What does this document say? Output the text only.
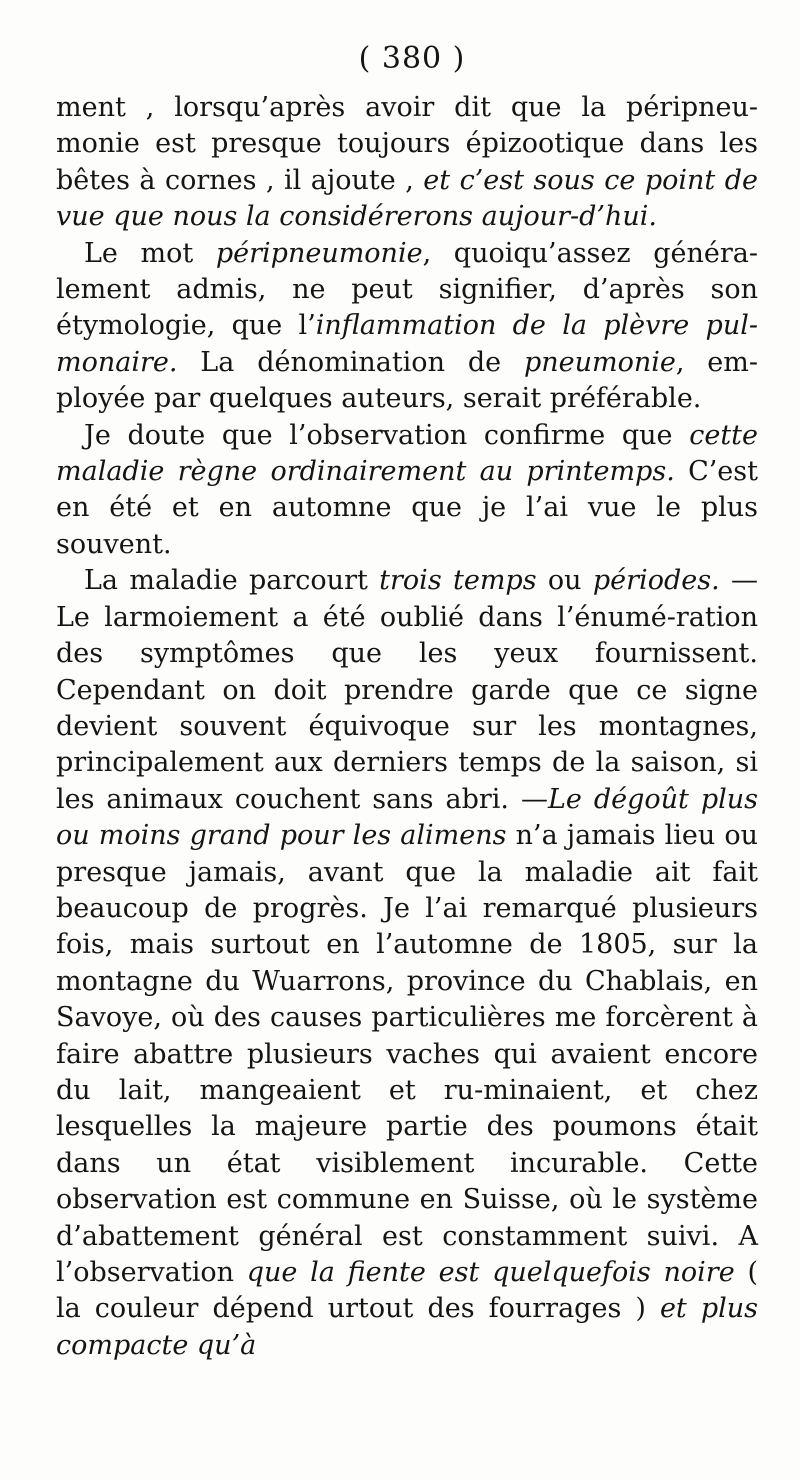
( 380 )

ment , lorsqu’après avoir dit que la péripneu-monie est presque toujours épizootique dans les bêtes à cornes , il ajoute , et c’est sous ce point de vue que nous la considérerons aujour-d’hui.

Le mot péripneumonie, quoiqu’assez généra-lement admis, ne peut signifier, d’après son étymologie, que l’inflammation de la plèvre pul-monaire. La dénomination de pneumonie, em-ployée par quelques auteurs, serait préférable.

Je doute que l’observation confirme que cette maladie règne ordinairement au printemps. C’est en été et en automne que je l’ai vue le plus souvent.

La maladie parcourt trois temps ou périodes. — Le larmoiement a été oublié dans l’énumé-ration des symptômes que les yeux fournissent. Cependant on doit prendre garde que ce signe devient souvent équivoque sur les montagnes, principalement aux derniers temps de la saison, si les animaux couchent sans abri. —Le dégoût plus ou moins grand pour les alimens n’a jamais lieu ou presque jamais, avant que la maladie ait fait beaucoup de progrès. Je l’ai remarqué plusieurs fois, mais surtout en l’automne de 1805, sur la montagne du Wuarrons, province du Chablais, en Savoye, où des causes particulières me forcèrent à faire abattre plusieurs vaches qui avaient encore du lait, mangeaient et ru-minaient, et chez lesquelles la majeure partie des poumons était dans un état visiblement incurable. Cette observation est commune en Suisse, où le système d’abattement général est constamment suivi. A l’observation que la fiente est quelquefois noire ( la couleur dépend urtout des fourrages ) et plus compacte qu’à
